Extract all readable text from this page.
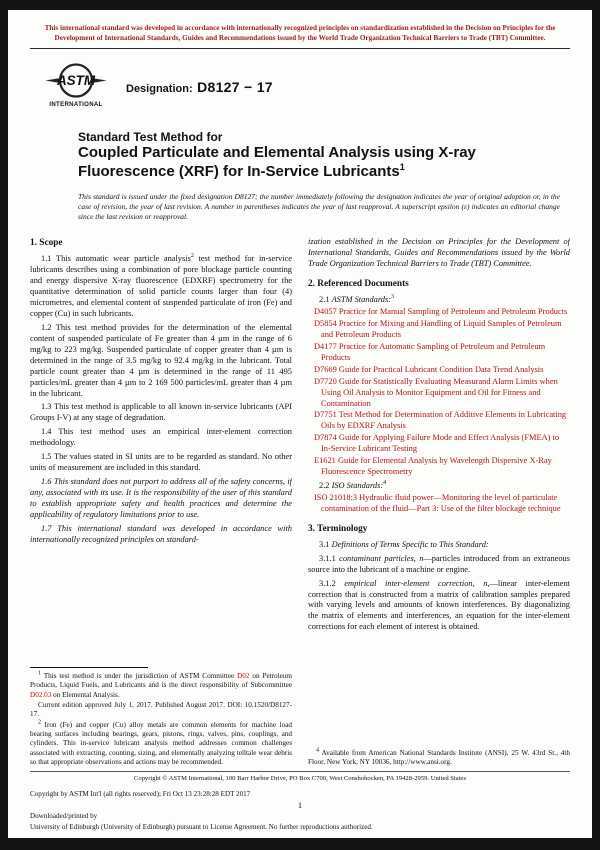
This international standard was developed in accordance with internationally recognized principles on standardization established in the Decision on Principles for the Development of International Standards, Guides and Recommendations issued by the World Trade Organization Technical Barriers to Trade (TBT) Committee.
ASTM
INTERNATIONAL
Designation: D8127 − 17
Standard Test Method for
Coupled Particulate and Elemental Analysis using X-ray
Fluorescence (XRF) for In-Service Lubricants$^1$
This standard is issued under the fixed designation D8127; the number immediately following the designation indicates the year of original adoption or, in the case of revision, the year of last revision. A number in parentheses indicates the year of last reapproval. A superscript epsilon (ε) indicates an editorial change since the last revision or reapproval.
1. Scope

1.1 This automatic wear particle analysis$^2$ test method for in-service lubricants describes using a combination of pore blockage particle counting and energy dispersive X-ray fluorescence (EDXRF) spectrometry for the quantitative determination of solid particle counts larger than four (4) micrometres, and elemental content of suspended particulate of iron (Fe) and copper (Cu) in such lubricants.

1.2 This test method provides for the determination of the elemental content of suspended particulate of Fe greater than 4 µm in the range of 6 mg/kg to 223 mg/kg. Suspended particulate of copper greater than 4 µm is determined in the range of 3.5 mg/kg to 92.4 mg/kg in the lubricant. Total particle count greater than 4 µm is determined in the range of 11 495 particles/mL greater than 4 µm to 2 169 500 particles/mL greater than 4 µm in the lubricant.

1.3 This test method is applicable to all known in-service lubricants (API Groups I-V) at any stage of degradation.

1.4 This test method uses an empirical inter-element correction methodology.

1.5 The values stated in SI units are to be regarded as standard. No other units of measurement are included in this standard.

1.6 This standard does not purport to address all of the safety concerns, if any, associated with its use. It is the responsibility of the user of this standard to establish appropriate safety and health practices and determine the applicability of regulatory limitations prior to use.

1.7 This international standard was developed in accordance with internationally recognized principles on standard-

$^1$ This test method is under the jurisdiction of ASTM Committee D02 on Petroleum Products, Liquid Fuels, and Lubricants and is the direct responsibility of Subcommittee D02.03 on Elemental Analysis.

Current edition approved July 1, 2017. Published August 2017. DOI: 10.1520/D8127-17.

$^2$ Iron (Fe) and copper (Cu) alloy metals are common elements for machine load bearing surfaces including bearings, gears, pistons, rings, valves, pins, couplings, and cylinders. This in-service lubricant analysis method addresses common challenges associated with extracting, counting, sizing, and elementally analyzing telltale wear debris so that appropriate observations and actions may be recommended.

ization established in the Decision on Principles for the Development of International Standards, Guides and Recommendations issued by the World Trade Organization Technical Barriers to Trade (TBT) Committee.

2. Referenced Documents

2.1 ASTM Standards:$^3$

D4057 Practice for Manual Sampling of Petroleum and Petroleum Products

D5854 Practice for Mixing and Handling of Liquid Samples of Petroleum and Petroleum Products

D4177 Practice for Automatic Sampling of Petroleum and Petroleum Products

D7669 Guide for Practical Lubricant Condition Data Trend Analysis

D7720 Guide for Statistically Evaluating Measurand Alarm Limits when Using Oil Analysis to Monitor Equipment and Oil for Fitness and Contamination

D7751 Test Method for Determination of Additive Elements in Lubricating Oils by EDXRF Analysis

D7874 Guide for Applying Failure Mode and Effect Analysis (FMEA) to In-Service Lubricant Testing

E1621 Guide for Elemental Analysis by Wavelength Dispersive X-Ray Fluorescence Spectrometry

2.2 ISO Standards:$^4$

ISO 21018:3 Hydraulic fluid power—Monitoring the level of particulate contamination of the fluid—Part 3: Use of the filter blockage technique

3. Terminology

3.1 Definitions of Terms Specific to This Standard:

3.1.1 contaminant particles, n—particles introduced from an extraneous source into the lubricant of a machine or engine.

3.1.2 empirical inter-element correction, n,—linear inter-element correction that is constructed from a matrix of calibration samples prepared with varying levels and amounts of known interferences. By diagonalizing the matrix of elements and interferences, an equation for the inter-element corrections for each element of interest is obtained.

$^4$ Available from American National Standards Institute (ANSI), 25 W. 43rd St., 4th Floor, New York, NY 10036, http://www.ansi.org.

Copyright © ASTM International, 100 Barr Harbor Drive, PO Box C700, West Conshohocken, PA 19428-2959. United States
Copyright by ASTM Int'l (all rights reserved); Fri Oct 13 23:28:28 EDT 2017
1
Downloaded/printed by
University of Edinburgh (University of Edinburgh) pursuant to License Agreement. No further reproductions authorized.
